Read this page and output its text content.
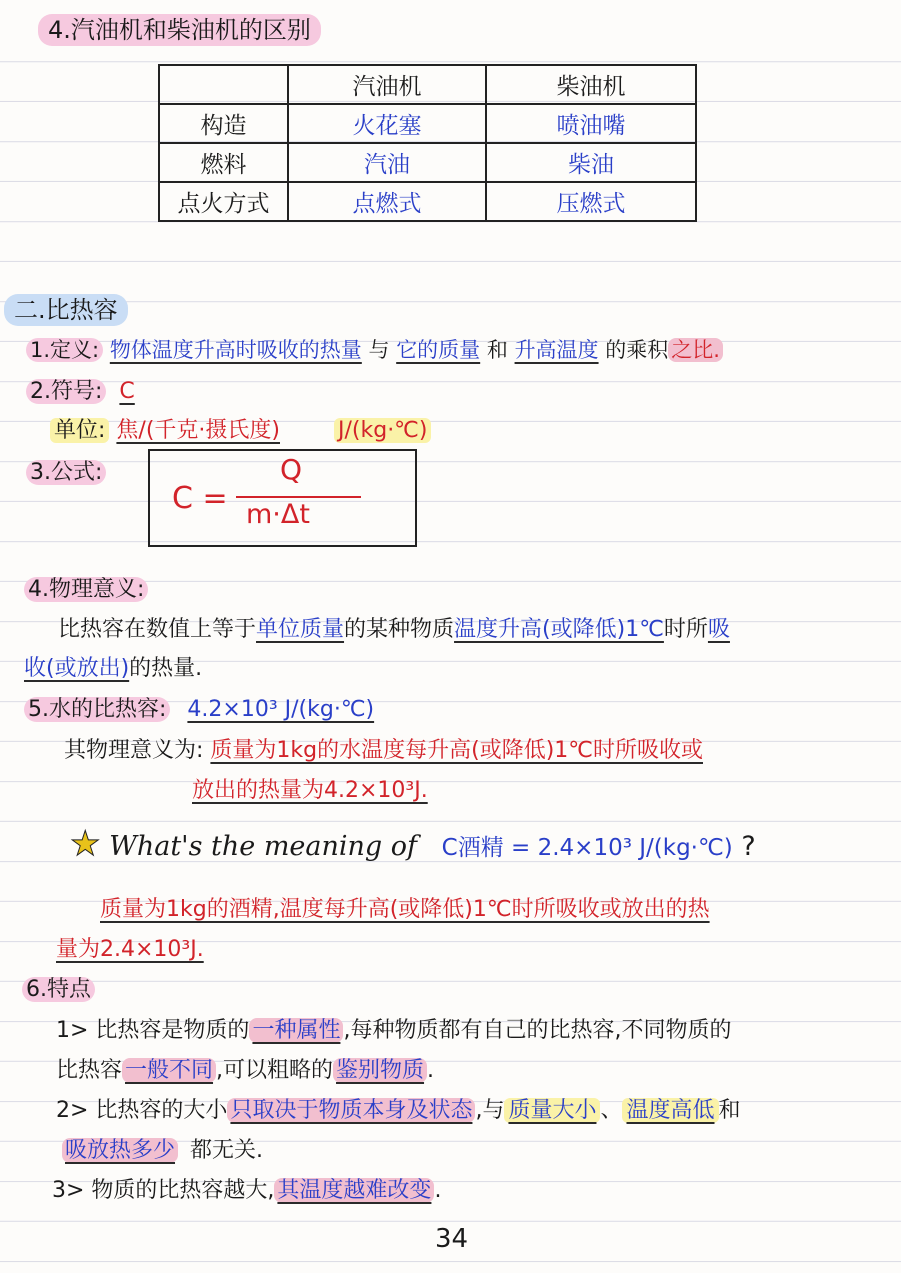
4.汽油机和柴油机的区别
	汽油机	柴油机
构造	火花塞	喷油嘴
燃料	汽油	柴油
点火方式	点燃式	压燃式
二.比热容
1.定义: 物体温度升高时吸收的热量 与 它的质量 和 升高温度 的乘积 之比.
2.符号: C
单位: 焦/(千克·摄氏度)	J/(kg·℃)
3.公式:
C =
Q
m·Δt
4.物理意义:
比热容在数值上等于单位质量的某种物质温度升高(或降低)1℃时所吸
收(或放出)的热量.
5.水的比热容: 4.2×10³ J/(kg·℃)
其物理意义为: 质量为1kg的水温度每升高(或降低)1℃时所吸收或
放出的热量为4.2×10³J.
★ What's the meaning of C酒精 = 2.4×10³ J/(kg·℃) ?
质量为1kg的酒精,温度每升高(或降低)1℃时所吸收或放出的热
量为2.4×10³J.
6.特点
1> 比热容是物质的 一种属性 ,每种物质都有自己的比热容,不同物质的
比热容 一般不同 ,可以粗略的 鉴别物质 .
2> 比热容的大小 只取决于物质本身及状态 ,与 质量大小 、 温度高低 和
吸放热多少 都无关.
3> 物质的比热容越大, 其温度越难改变 .
34
